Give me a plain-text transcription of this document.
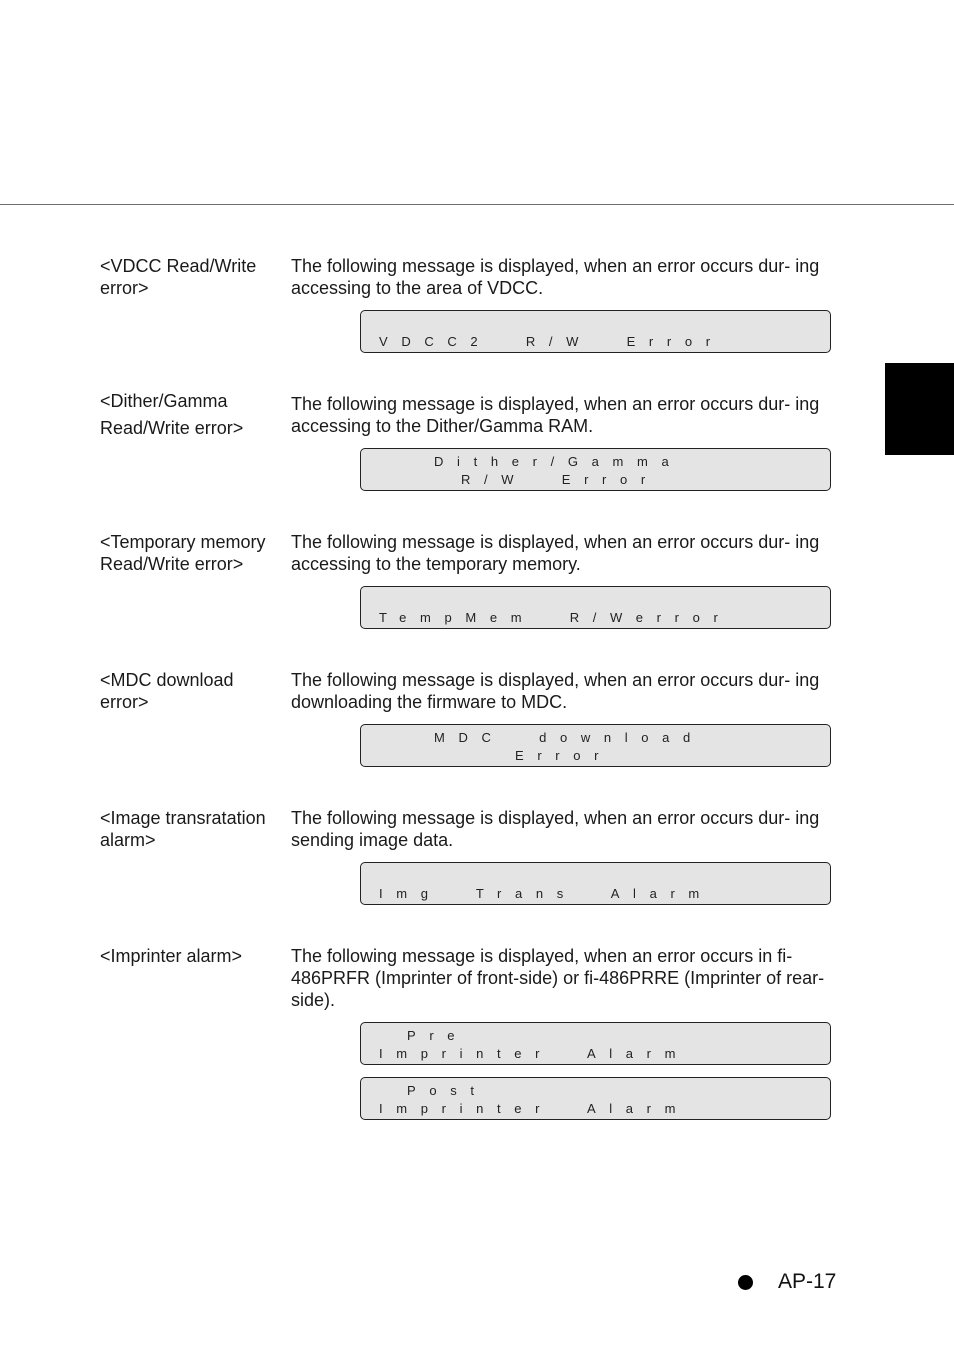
<VDCC Read/Write error>
The following message is displayed, when an error occurs dur- ing accessing to the area of VDCC.
VDCC2  R/W  Error
<Dither/Gamma Read/Write error>
The following message is displayed, when an error occurs dur- ing accessing to the Dither/Gamma RAM.
Dither/Gamma
R/W  Error
<Temporary memory Read/Write error>
The following message is displayed, when an error occurs dur- ing accessing to the temporary memory.
TempMem  R/Werror
<MDC download error>
The following message is displayed, when an error occurs dur- ing downloading the firmware to MDC.
MDC  download
Error
<Image transratation alarm>
The following message is displayed, when an error occurs dur- ing sending image data.
Img  Trans  Alarm
<Imprinter alarm>	The following message is displayed, when an error occurs in fi-486PRFR (Imprinter of front-side) or fi-486PRRE (Imprinter of rear-side).
Pre
Imprinter  Alarm
Post
Imprinter  Alarm
AP-17
